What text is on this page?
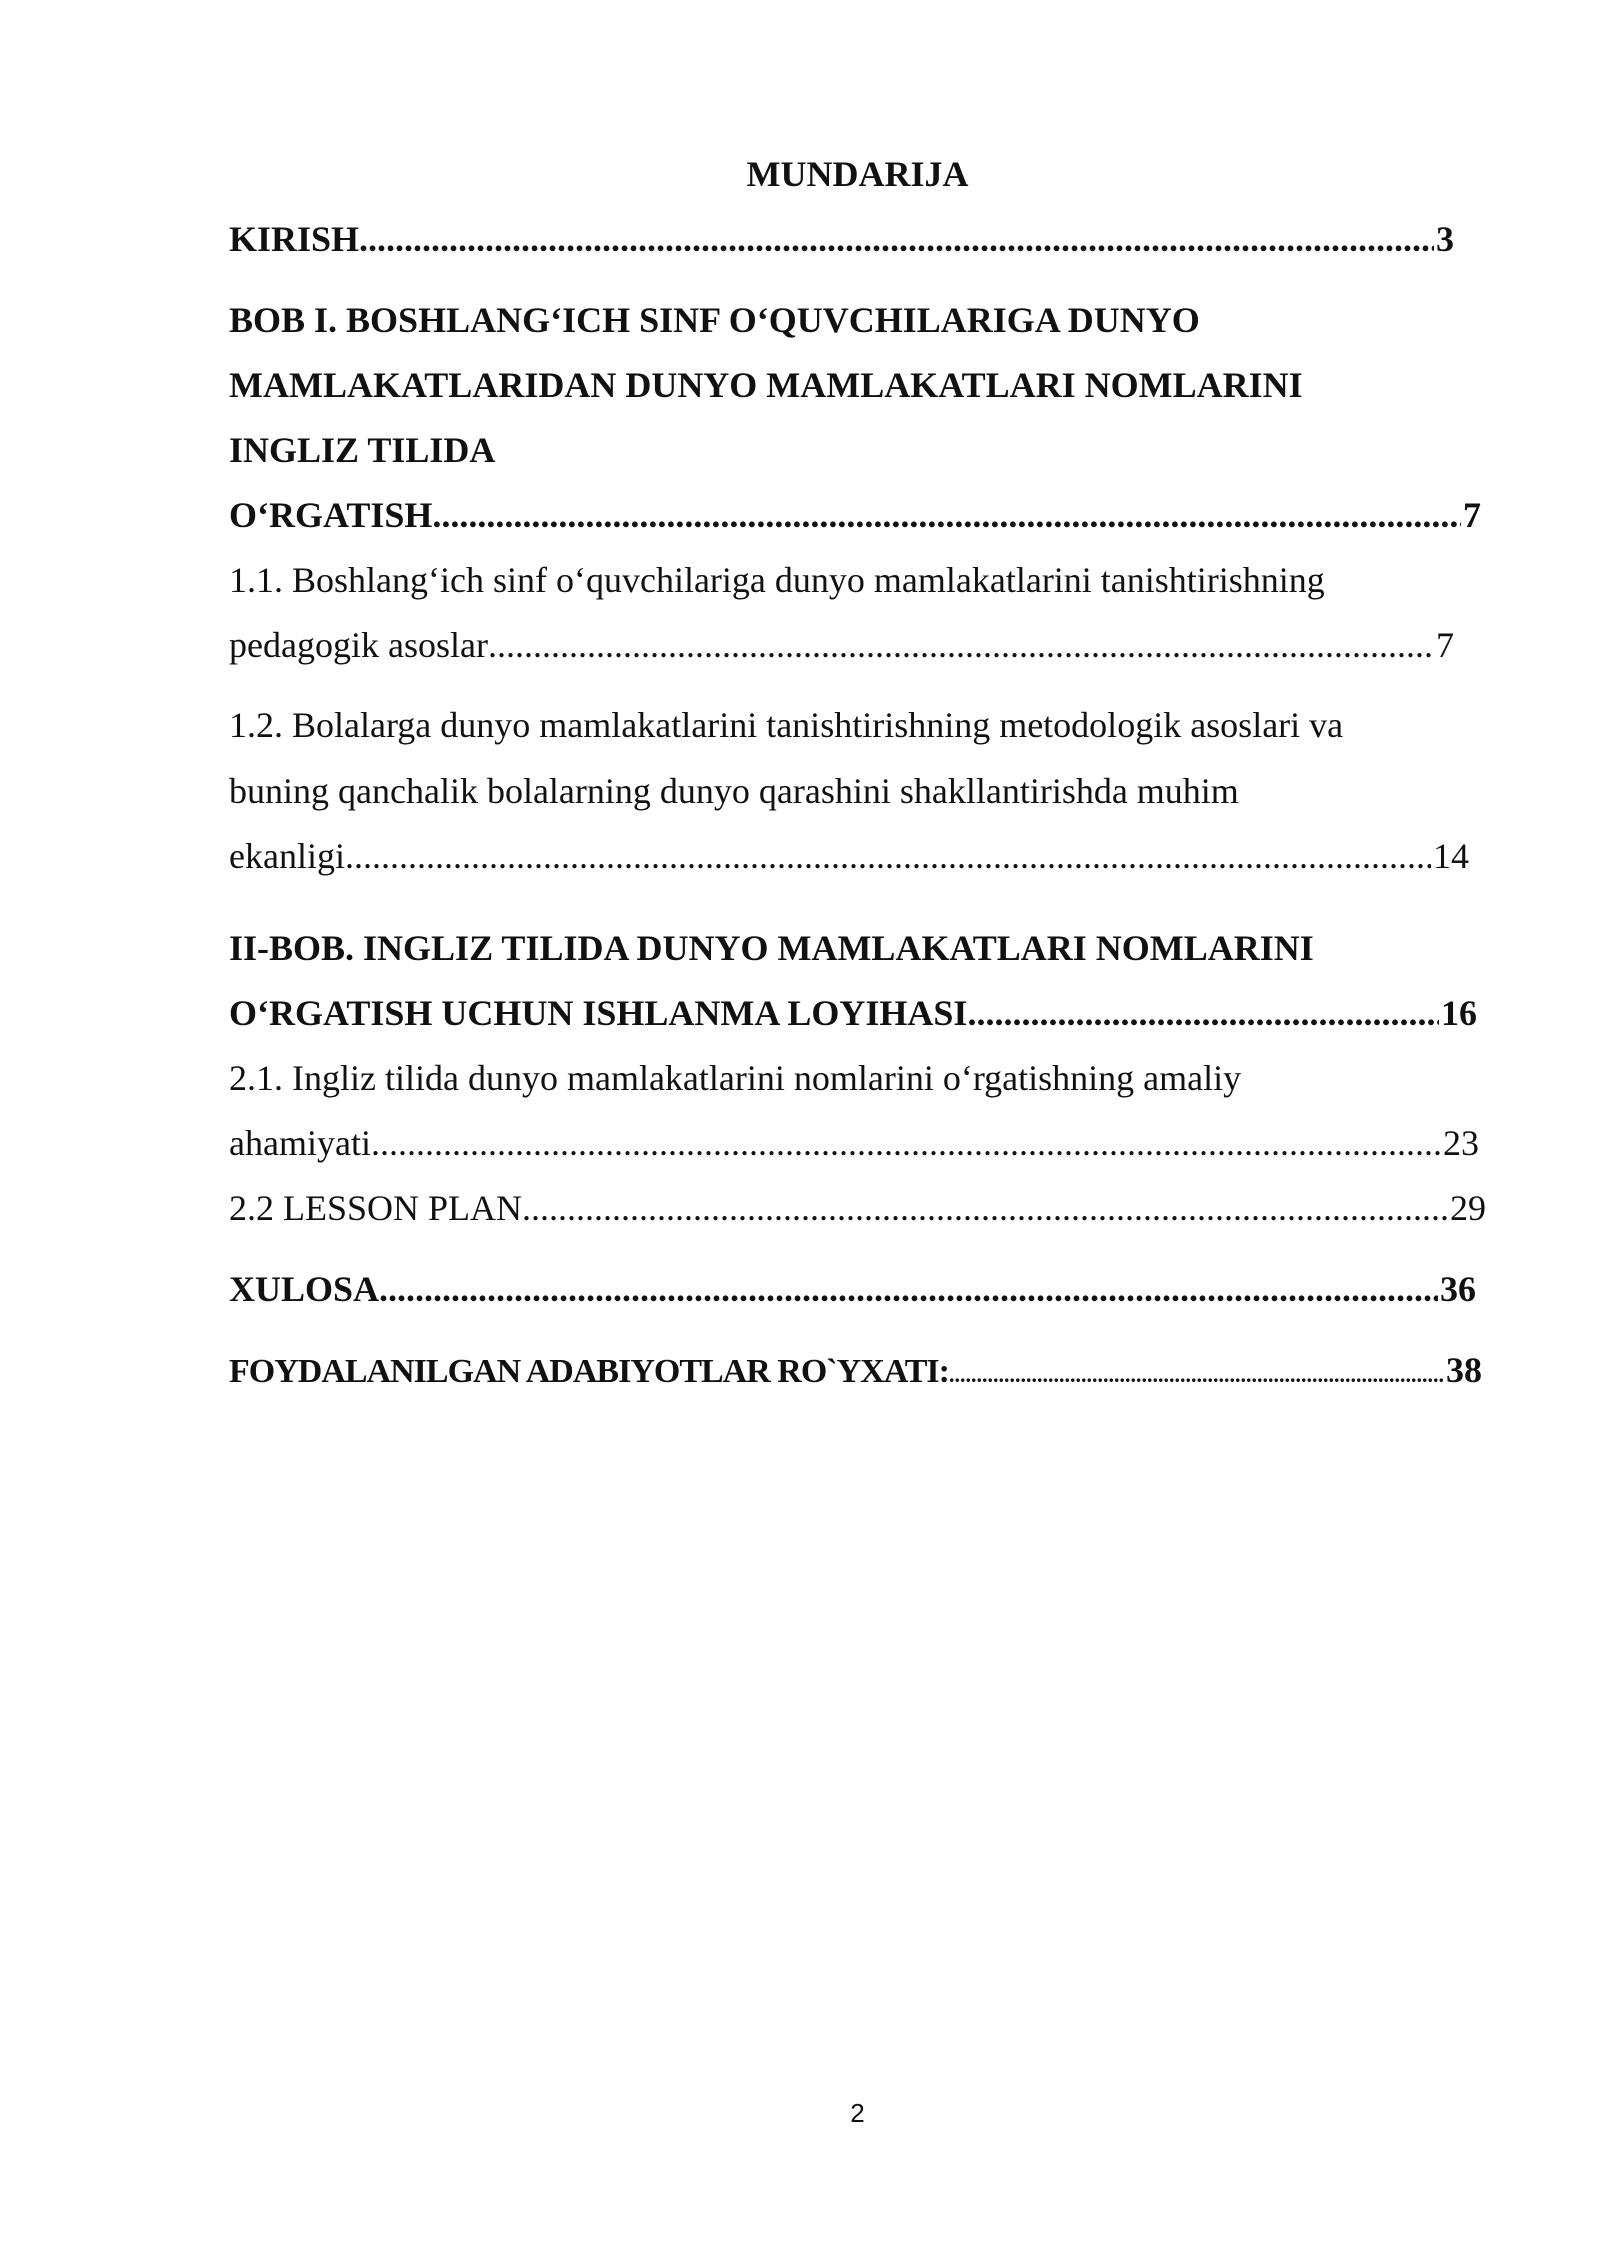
MUNDARIJA
KIRISH .....	3
BOB I. BOSHLANG‘ICH SINF O‘QUVCHILARIGA DUNYO
MAMLAKATLARIDAN DUNYO MAMLAKATLARI NOMLARINI
INGLIZ TILIDA
O‘RGATISH .....	7
1.1. Boshlang‘ich sinf o‘quvchilariga dunyo mamlakatlarini tanishtirishning
pedagogik asoslar .....	7
1.2. Bolalarga dunyo mamlakatlarini tanishtirishning metodologik asoslari va
buning qanchalik bolalarning dunyo qarashini shakllantirishda muhim
ekanligi .....	14
II-BOB. INGLIZ TILIDA DUNYO MAMLAKATLARI NOMLARINI
O‘RGATISH UCHUN ISHLANMA LOYIHASI .....	16
2.1. Ingliz tilida dunyo mamlakatlarini nomlarini o‘rgatishning amaliy
ahamiyati .....	23
2.2 LESSON PLAN .....	29
XULOSA .....	36
FOYDALANILGAN ADABIYOTLAR RO`YXATI: .....	38
2
